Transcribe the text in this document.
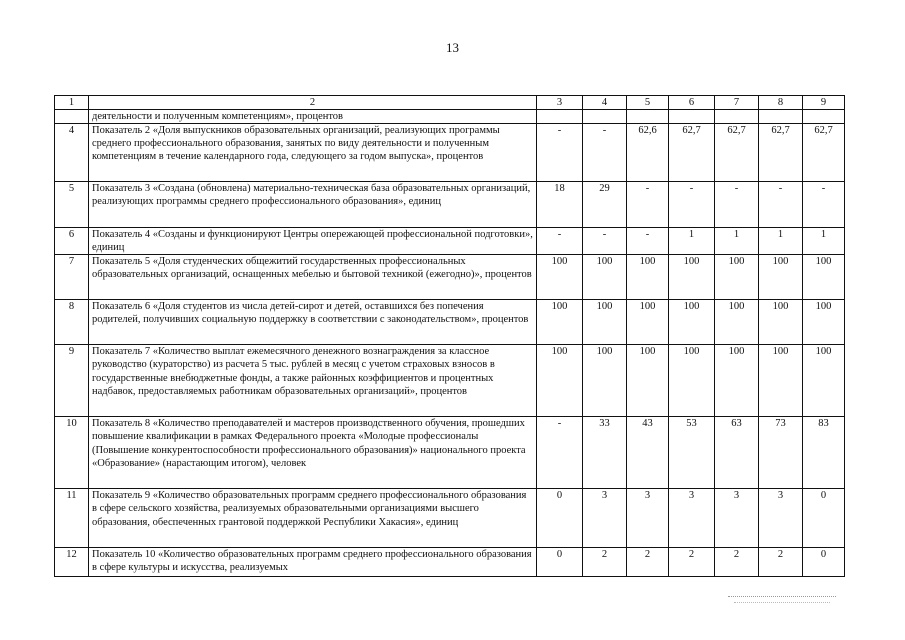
13
1	2	3	4	5	6	7	8	9
	деятельности и полученным компетенциям», процентов							
4	Показатель 2 «Доля выпускников образовательных организаций, реализующих программы среднего профессионального образования, занятых по виду деятельности и полученным компетенциям в течение календарного года, следующего за годом выпуска», процентов	-	-	62,6	62,7	62,7	62,7	62,7
5	Показатель 3 «Создана (обновлена) материально-техническая база образовательных организаций, реализующих программы среднего профессионального образования», единиц	18	29	-	-	-	-	-
6	Показатель 4 «Созданы и функционируют Центры опережающей профессиональной подготовки», единиц	-	-	-	1	1	1	1
7	Показатель 5 «Доля студенческих общежитий государственных профессиональных образовательных организаций, оснащенных мебелью и бытовой техникой (ежегодно)», процентов	100	100	100	100	100	100	100
8	Показатель 6 «Доля студентов из числа детей-сирот и детей, оставшихся без попечения родителей, получивших социальную поддержку в соответствии с законодательством», процентов	100	100	100	100	100	100	100
9	Показатель 7 «Количество выплат ежемесячного денежного вознаграждения за классное руководство (кураторство) из расчета 5 тыс. рублей в месяц с учетом страховых взносов в государственные внебюджетные фонды, а также районных коэффициентов и процентных надбавок, предоставляемых работникам образовательных организаций», процентов	100	100	100	100	100	100	100
10	Показатель 8 «Количество преподавателей и мастеров производственного обучения, прошедших повышение квалификации в рамках Федерального проекта «Молодые профессионалы (Повышение конкурентоспособности профессионального образования)» национального проекта «Образование» (нарастающим итогом), человек	-	33	43	53	63	73	83
11	Показатель 9 «Количество образовательных программ среднего профессионального образования в сфере сельского хозяйства, реализуемых образовательными организациями высшего образования, обеспеченных грантовой поддержкой Республики Хакасия», единиц	0	3	3	3	3	3	0
12	Показатель 10 «Количество образовательных программ среднего профессионального образования в сфере культуры и искусства, реализуемых	0	2	2	2	2	2	0
